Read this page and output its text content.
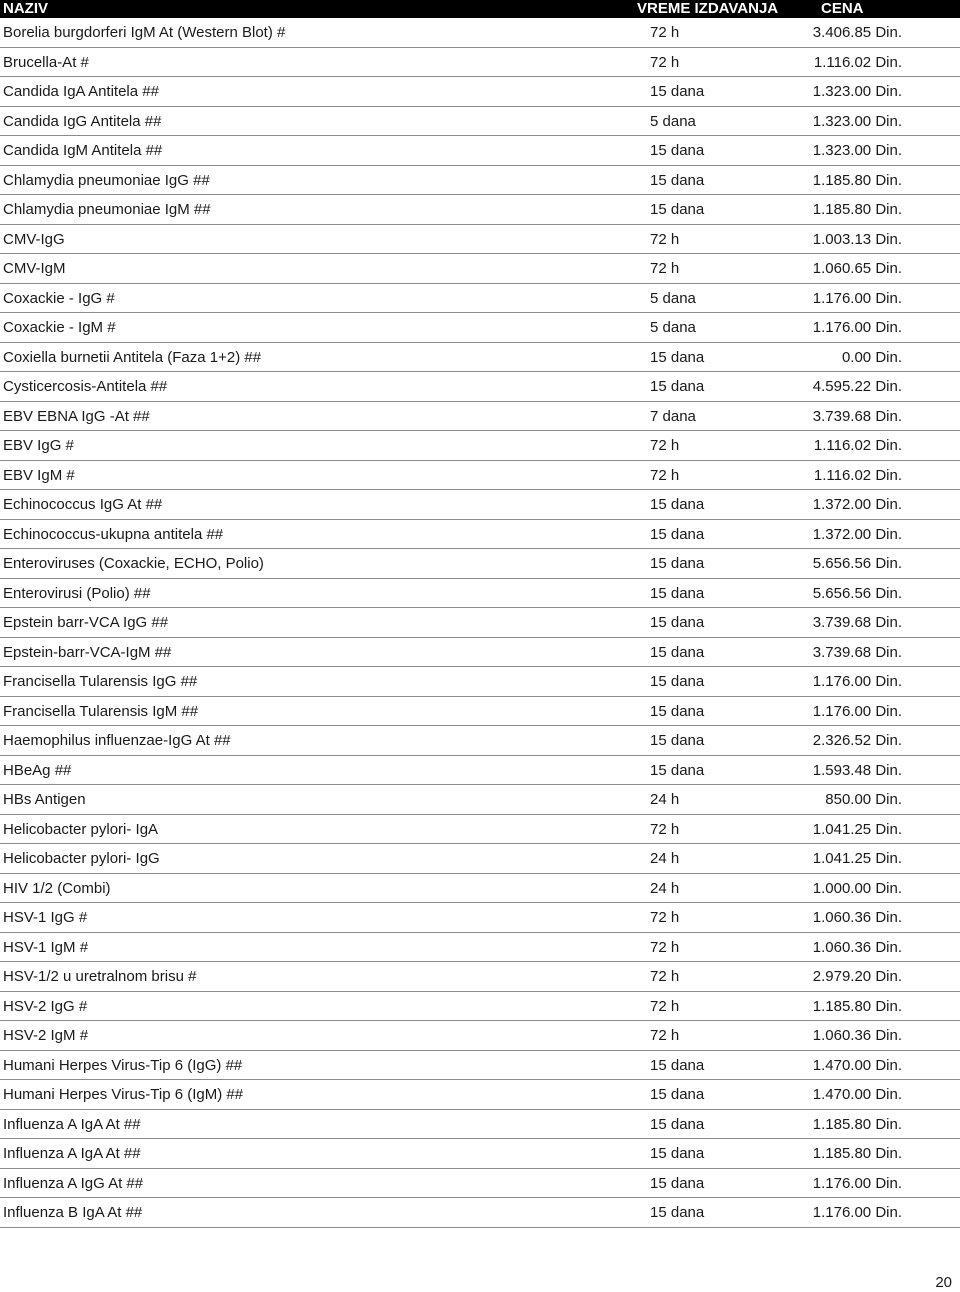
NAZIV	VREME IZDAVANJA	CENA
Borelia burgdorferi IgM At (Western Blot) #	72 h	3.406.85 Din.
Brucella-At #	72 h	1.116.02 Din.
Candida IgA Antitela ##	15 dana	1.323.00 Din.
Candida IgG Antitela ##	5 dana	1.323.00 Din.
Candida IgM Antitela ##	15 dana	1.323.00 Din.
Chlamydia pneumoniae IgG ##	15 dana	1.185.80 Din.
Chlamydia pneumoniae IgM ##	15 dana	1.185.80 Din.
CMV-IgG	72 h	1.003.13 Din.
CMV-IgM	72 h	1.060.65 Din.
Coxackie - IgG #	5 dana	1.176.00 Din.
Coxackie - IgM #	5 dana	1.176.00 Din.
Coxiella burnetii Antitela (Faza 1+2) ##	15 dana	0.00 Din.
Cysticercosis-Antitela ##	15 dana	4.595.22 Din.
EBV EBNA IgG -At ##	7 dana	3.739.68 Din.
EBV IgG #	72 h	1.116.02 Din.
EBV IgM #	72 h	1.116.02 Din.
Echinococcus IgG At ##	15 dana	1.372.00 Din.
Echinococcus-ukupna antitela ##	15 dana	1.372.00 Din.
Enteroviruses (Coxackie, ECHO, Polio)	15 dana	5.656.56 Din.
Enterovirusi (Polio) ##	15 dana	5.656.56 Din.
Epstein barr-VCA IgG ##	15 dana	3.739.68 Din.
Epstein-barr-VCA-IgM ##	15 dana	3.739.68 Din.
Francisella Tularensis IgG ##	15 dana	1.176.00 Din.
Francisella Tularensis IgM ##	15 dana	1.176.00 Din.
Haemophilus influenzae-IgG At ##	15 dana	2.326.52 Din.
HBeAg ##	15 dana	1.593.48 Din.
HBs Antigen	24 h	850.00 Din.
Helicobacter pylori- IgA	72 h	1.041.25 Din.
Helicobacter pylori- IgG	24 h	1.041.25 Din.
HIV 1/2 (Combi)	24 h	1.000.00 Din.
HSV-1 IgG #	72 h	1.060.36 Din.
HSV-1 IgM #	72 h	1.060.36 Din.
HSV-1/2 u uretralnom brisu #	72 h	2.979.20 Din.
HSV-2 IgG #	72 h	1.185.80 Din.
HSV-2 IgM #	72 h	1.060.36 Din.
Humani Herpes Virus-Tip 6 (IgG) ##	15 dana	1.470.00 Din.
Humani Herpes Virus-Tip 6 (IgM) ##	15 dana	1.470.00 Din.
Influenza A IgA At ##	15 dana	1.185.80 Din.
Influenza A IgA At ##	15 dana	1.185.80 Din.
Influenza A IgG At ##	15 dana	1.176.00 Din.
Influenza B IgA At ##	15 dana	1.176.00 Din.
20
